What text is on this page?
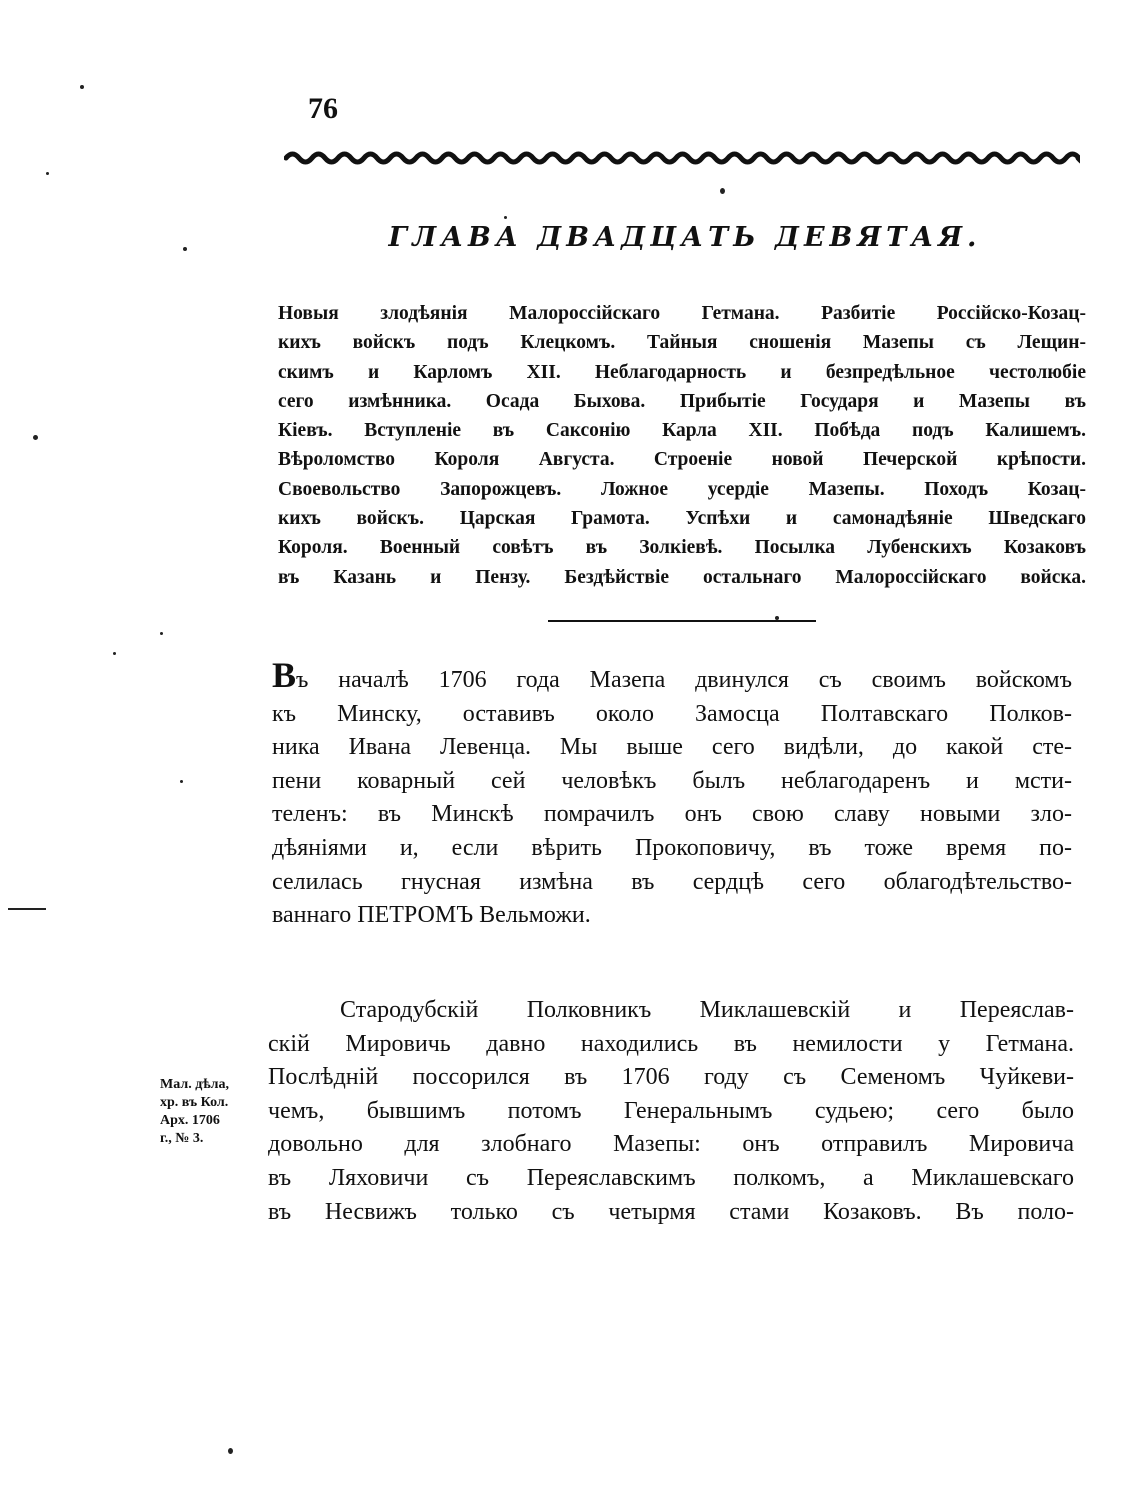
76
ГЛАВА ДВАДЦАТЬ ДЕВЯТАЯ.
Новыя злодѣянія Малороссійскаго Гетмана. Разбитіе Россійско-Козац-
кихъ войскъ подъ Клецкомъ. Тайныя сношенія Мазепы съ Лещин-
скимъ и Карломъ XII. Неблагодарность и безпредѣльное честолюбіе
сего измѣнника. Осада Быхова. Прибытіе Государя и Мазепы въ
Кіевъ. Вступленіе въ Саксонію Карла XII. Побѣда подъ Калишемъ.
Вѣроломство Короля Августа. Строеніе новой Печерской крѣпости.
Своевольство Запорожцевъ. Ложное усердіе Мазепы. Походъ Козац-
кихъ войскъ. Царская Грамота. Успѣхи и самонадѣяніе Шведскаго
Короля. Военный совѣтъ въ Золкіевѣ. Посылка Лубенскихъ Козаковъ
въ Казань и Пензу. Бездѣйствіе остальнаго Малороссійскаго войска.
Въ началѣ 1706 года Мазепа двинулся съ своимъ войскомъ
къ Минску, оставивъ около Замосца Полтавскаго Полков-
ника Ивана Левенца. Мы выше сего видѣли, до какой сте-
пени коварный сей человѣкъ былъ неблагодаренъ и мсти-
теленъ: въ Минскѣ помрачилъ онъ свою славу новыми зло-
дѣяніями и, если вѣрить Прокоповичу, въ тоже время по-
селилась гнусная измѣна въ сердцѣ сего облагодѣтельство-
ваннаго ПЕТРОМЪ Вельможи.
Стародубскій Полковникъ Миклашевскій и Переяслав-
скій Мировичь давно находились въ немилости у Гетмана.
Послѣдній поссорился въ 1706 году съ Семеномъ Чуйкеви-
чемъ, бывшимъ потомъ Генеральнымъ судьею; сего было
довольно для злобнаго Мазепы: онъ отправилъ Мировича
въ Ляховичи съ Переяславскимъ полкомъ, а Миклашевскаго
въ Несвижъ только съ четырмя стами Козаковъ. Въ поло-
Мал. дѣла,
хр. въ Кол.
Арх. 1706
г., № 3.
